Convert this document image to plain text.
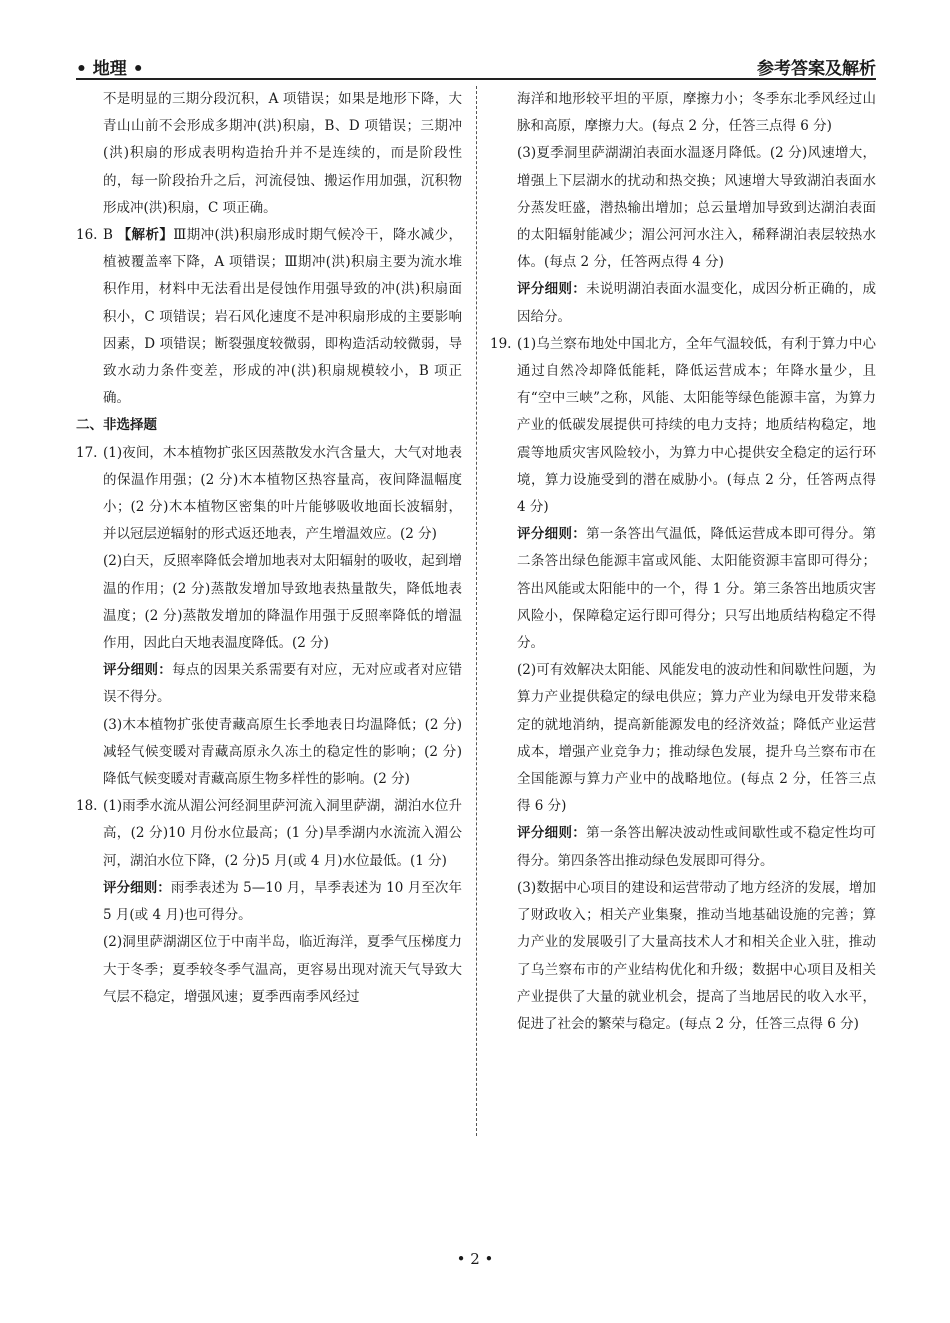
• 地理 •	参考答案及解析

不是明显的三期分段沉积，A 项错误；如果是地形下降，大青山山前不会形成多期冲(洪)积扇，B、D 项错误；三期冲(洪)积扇的形成表明构造抬升并不是连续的，而是阶段性的，每一阶段抬升之后，河流侵蚀、搬运作用加强，沉积物形成冲(洪)积扇，C 项正确。

16. B 【解析】Ⅲ期冲(洪)积扇形成时期气候冷干，降水减少，植被覆盖率下降，A 项错误；Ⅲ期冲(洪)积扇主要为流水堆积作用，材料中无法看出是侵蚀作用强导致的冲(洪)积扇面积小，C 项错误；岩石风化速度不是冲积扇形成的主要影响因素，D 项错误；断裂强度较微弱，即构造活动较微弱，导致水动力条件变差，形成的冲(洪)积扇规模较小，B 项正确。

二、非选择题

17. (1)夜间，木本植物扩张区因蒸散发水汽含量大，大气对地表的保温作用强；(2 分)木本植物区热容量高，夜间降温幅度小；(2 分)木本植物区密集的叶片能够吸收地面长波辐射，并以冠层逆辐射的形式返还地表，产生增温效应。(2 分)

(2)白天，反照率降低会增加地表对太阳辐射的吸收，起到增温的作用；(2 分)蒸散发增加导致地表热量散失，降低地表温度；(2 分)蒸散发增加的降温作用强于反照率降低的增温作用，因此白天地表温度降低。(2 分)

评分细则：每点的因果关系需要有对应，无对应或者对应错误不得分。

(3)木本植物扩张使青藏高原生长季地表日均温降低；(2 分)减轻气候变暖对青藏高原永久冻土的稳定性的影响；(2 分)降低气候变暖对青藏高原生物多样性的影响。(2 分)

18. (1)雨季水流从湄公河经洞里萨河流入洞里萨湖，湖泊水位升高，(2 分)10 月份水位最高；(1 分)旱季湖内水流流入湄公河，湖泊水位下降，(2 分)5 月(或 4 月)水位最低。(1 分)

评分细则：雨季表述为 5—10 月，旱季表述为 10 月至次年 5 月(或 4 月)也可得分。

(2)洞里萨湖湖区位于中南半岛，临近海洋，夏季气压梯度力大于冬季；夏季较冬季气温高，更容易出现对流天气导致大气层不稳定，增强风速；夏季西南季风经过

海洋和地形较平坦的平原，摩擦力小；冬季东北季风经过山脉和高原，摩擦力大。(每点 2 分，任答三点得 6 分)

(3)夏季洞里萨湖湖泊表面水温逐月降低。(2 分)风速增大，增强上下层湖水的扰动和热交换；风速增大导致湖泊表面水分蒸发旺盛，潜热输出增加；总云量增加导致到达湖泊表面的太阳辐射能减少；湄公河河水注入，稀释湖泊表层较热水体。(每点 2 分，任答两点得 4 分)

评分细则：未说明湖泊表面水温变化，成因分析正确的，成因给分。

19. (1)乌兰察布地处中国北方，全年气温较低，有利于算力中心通过自然冷却降低能耗，降低运营成本；年降水量少，且有“空中三峡”之称，风能、太阳能等绿色能源丰富，为算力产业的低碳发展提供可持续的电力支持；地质结构稳定，地震等地质灾害风险较小，为算力中心提供安全稳定的运行环境，算力设施受到的潜在威胁小。(每点 2 分，任答两点得 4 分)

评分细则：第一条答出气温低，降低运营成本即可得分。第二条答出绿色能源丰富或风能、太阳能资源丰富即可得分；答出风能或太阳能中的一个，得 1 分。第三条答出地质灾害风险小，保障稳定运行即可得分；只写出地质结构稳定不得分。

(2)可有效解决太阳能、风能发电的波动性和间歇性问题，为算力产业提供稳定的绿电供应；算力产业为绿电开发带来稳定的就地消纳，提高新能源发电的经济效益；降低产业运营成本，增强产业竞争力；推动绿色发展，提升乌兰察布市在全国能源与算力产业中的战略地位。(每点 2 分，任答三点得 6 分)

评分细则：第一条答出解决波动性或间歇性或不稳定性均可得分。第四条答出推动绿色发展即可得分。

(3)数据中心项目的建设和运营带动了地方经济的发展，增加了财政收入；相关产业集聚，推动当地基础设施的完善；算力产业的发展吸引了大量高技术人才和相关企业入驻，推动了乌兰察布市的产业结构优化和升级；数据中心项目及相关产业提供了大量的就业机会，提高了当地居民的收入水平，促进了社会的繁荣与稳定。(每点 2 分，任答三点得 6 分)

• 2 •
